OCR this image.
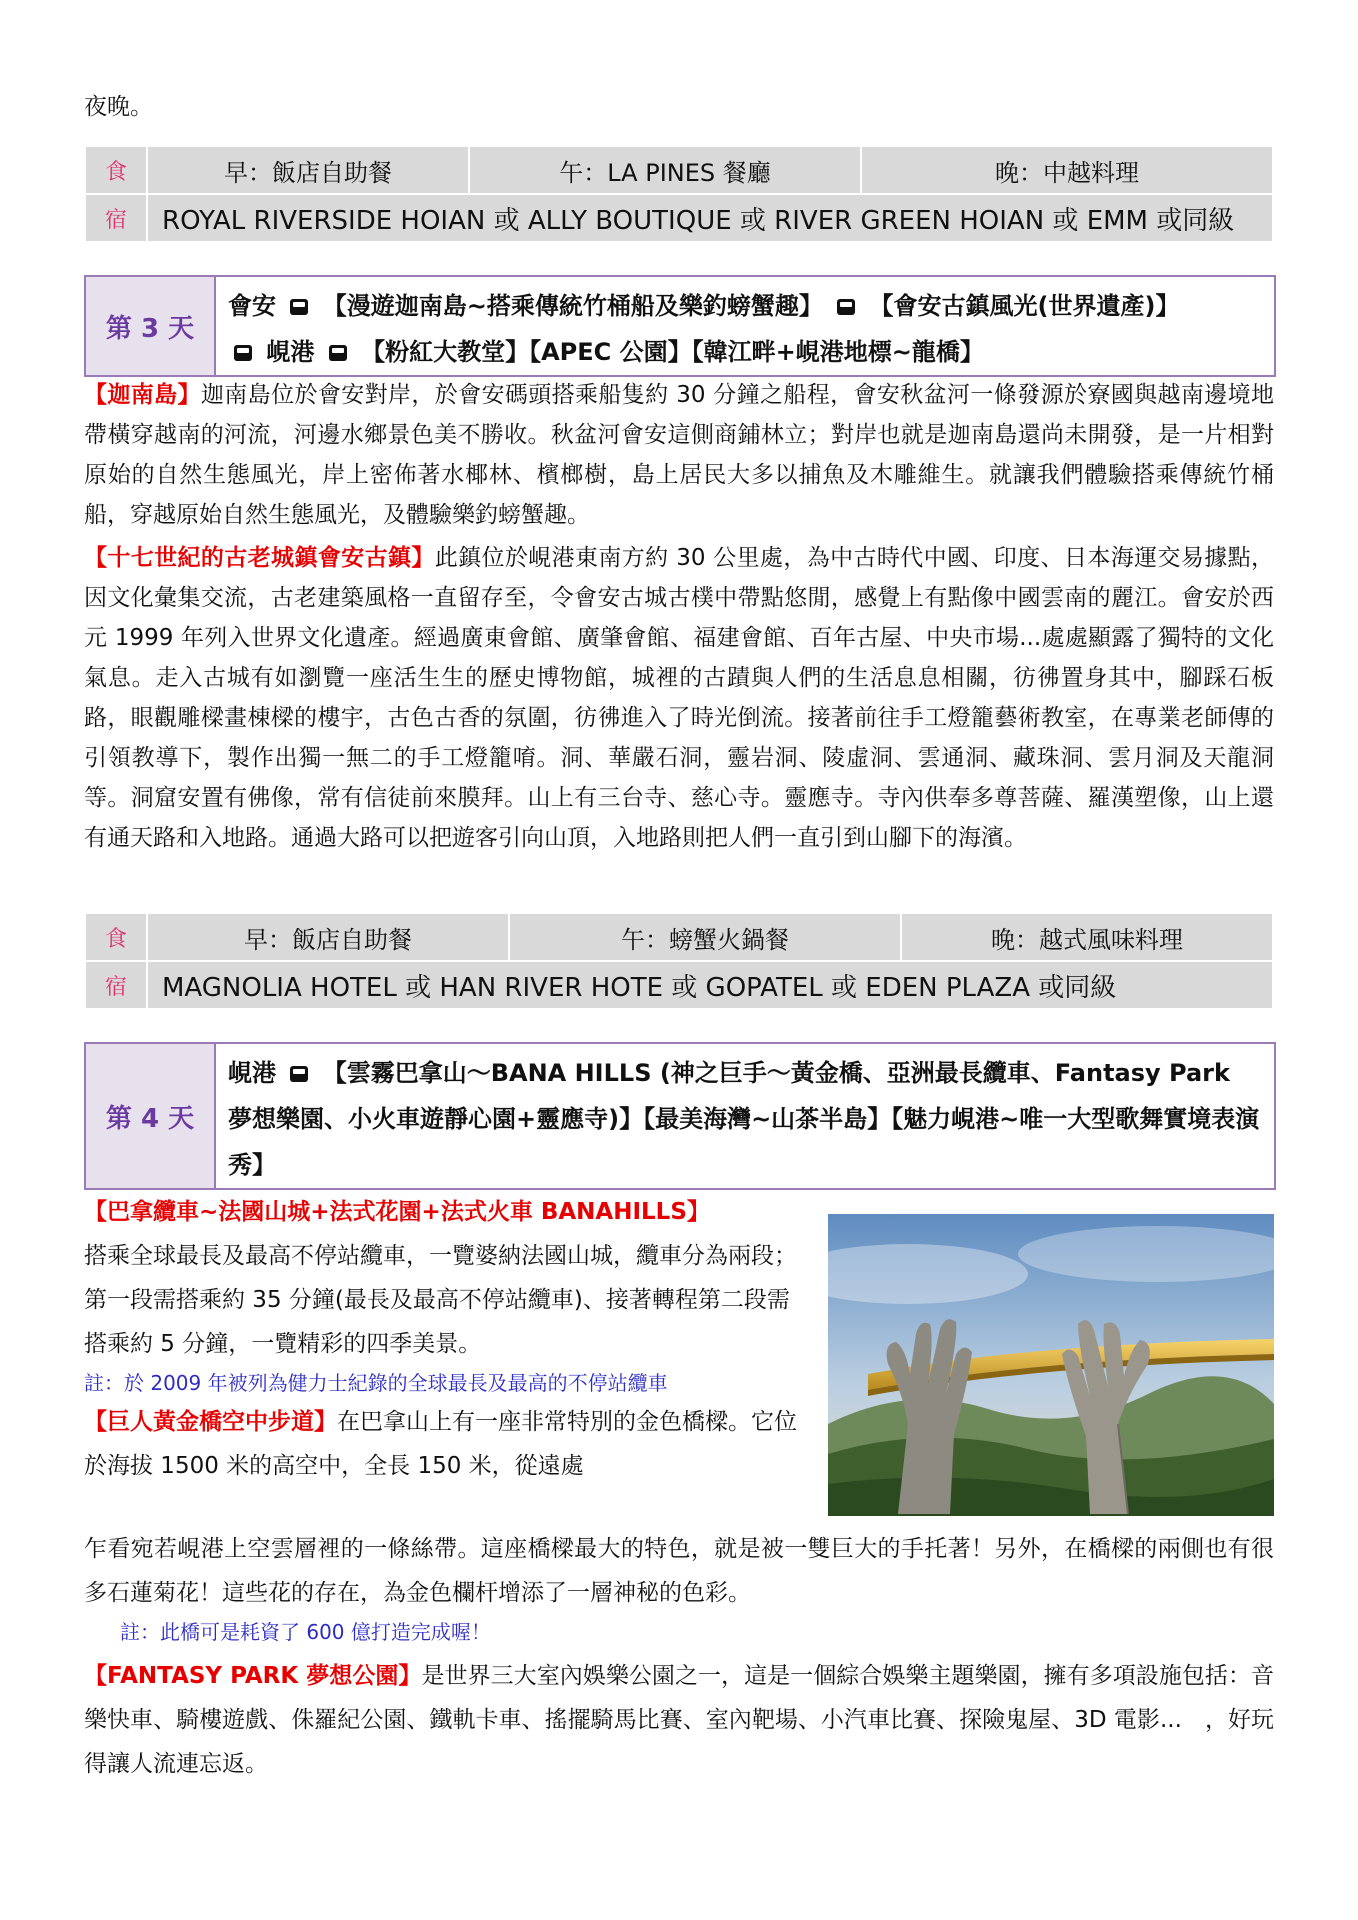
夜晚。
食	早：飯店自助餐	午：LA PINES 餐廳	晚：中越料理
宿	ROYAL RIVERSIDE HOIAN 或 ALLY BOUTIQUE 或 RIVER GREEN HOIAN 或 EMM 或同級		
第 3 天
會安 【漫遊迦南島~搭乘傳統竹桶船及樂釣螃蟹趣】 【會安古鎮風光(世界遺產)】
峴港 【粉紅大教堂】【APEC 公園】【韓江畔+峴港地標~龍橋】
【迦南島】迦南島位於會安對岸，於會安碼頭搭乘船隻約 30 分鐘之船程，會安秋盆河一條發源於寮國與越南邊境地帶橫穿越南的河流，河邊水鄉景色美不勝收。秋盆河會安這側商鋪林立；對岸也就是迦南島還尚未開發，是一片相對原始的自然生態風光，岸上密佈著水椰林、檳榔樹，島上居民大多以捕魚及木雕維生。就讓我們體驗搭乘傳統竹桶船，穿越原始自然生態風光，及體驗樂釣螃蟹趣。
【十七世紀的古老城鎮會安古鎮】此鎮位於峴港東南方約 30 公里處，為中古時代中國、印度、日本海運交易據點，因文化彙集交流，古老建築風格一直留存至，令會安古城古樸中帶點悠閒，感覺上有點像中國雲南的麗江。會安於西元 1999 年列入世界文化遺產。經過廣東會館、廣肇會館、福建會館、百年古屋、中央市場...處處顯露了獨特的文化氣息。走入古城有如瀏覽一座活生生的歷史博物館，城裡的古蹟與人們的生活息息相關，彷彿置身其中，腳踩石板路，眼觀雕樑畫棟樑的樓宇，古色古香的氛圍，彷彿進入了時光倒流。接著前往手工燈籠藝術教室，在專業老師傳的引領教導下，製作出獨一無二的手工燈籠唷。洞、華嚴石洞，靈岩洞、陵虛洞、雲通洞、藏珠洞、雲月洞及天龍洞等。洞窟安置有佛像，常有信徒前來膜拜。山上有三台寺、慈心寺。靈應寺。寺內供奉多尊菩薩、羅漢塑像，山上還有通天路和入地路。通過大路可以把遊客引向山頂，入地路則把人們一直引到山腳下的海濱。
食	早：飯店自助餐	午：螃蟹火鍋餐	晚：越式風味料理
宿	MAGNOLIA HOTEL 或 HAN RIVER HOTE 或 GOPATEL 或 EDEN PLAZA 或同級		
第 4 天
峴港 【雲霧巴拿山～BANA HILLS (神之巨手～黃金橋、亞洲最長纜車、Fantasy Park 夢想樂園、小火車遊靜心園+靈應寺)】【最美海灣~山茶半島】【魅力峴港~唯一大型歌舞實境表演秀】
【巴拿纜車~法國山城+法式花園+法式火車 BANAHILLS】
搭乘全球最長及最高不停站纜車，一覽婆納法國山城，纜車分為兩段；第一段需搭乘約 35 分鐘(最長及最高不停站纜車)、接著轉程第二段需搭乘約 5 分鐘，一覽精彩的四季美景。
註：於 2009 年被列為健力士紀錄的全球最長及最高的不停站纜車
【巨人黃金橋空中步道】在巴拿山上有一座非常特別的金色橋樑。它位於海拔 1500 米的高空中，全長 150 米，從遠處
乍看宛若峴港上空雲層裡的一條絲帶。這座橋樑最大的特色，就是被一雙巨大的手托著！另外，在橋樑的兩側也有很多石蓮菊花！這些花的存在，為金色欄杆增添了一層神秘的色彩。
註：此橋可是耗資了 600 億打造完成喔！
【FANTASY PARK 夢想公園】是世界三大室內娛樂公園之一，這是一個綜合娛樂主題樂園，擁有多項設施包括：音樂快車、騎樓遊戲、侏羅紀公園、鐵軌卡車、搖擺騎馬比賽、室內靶場、小汽車比賽、探險鬼屋、3D 電影...　，好玩得讓人流連忘返。
